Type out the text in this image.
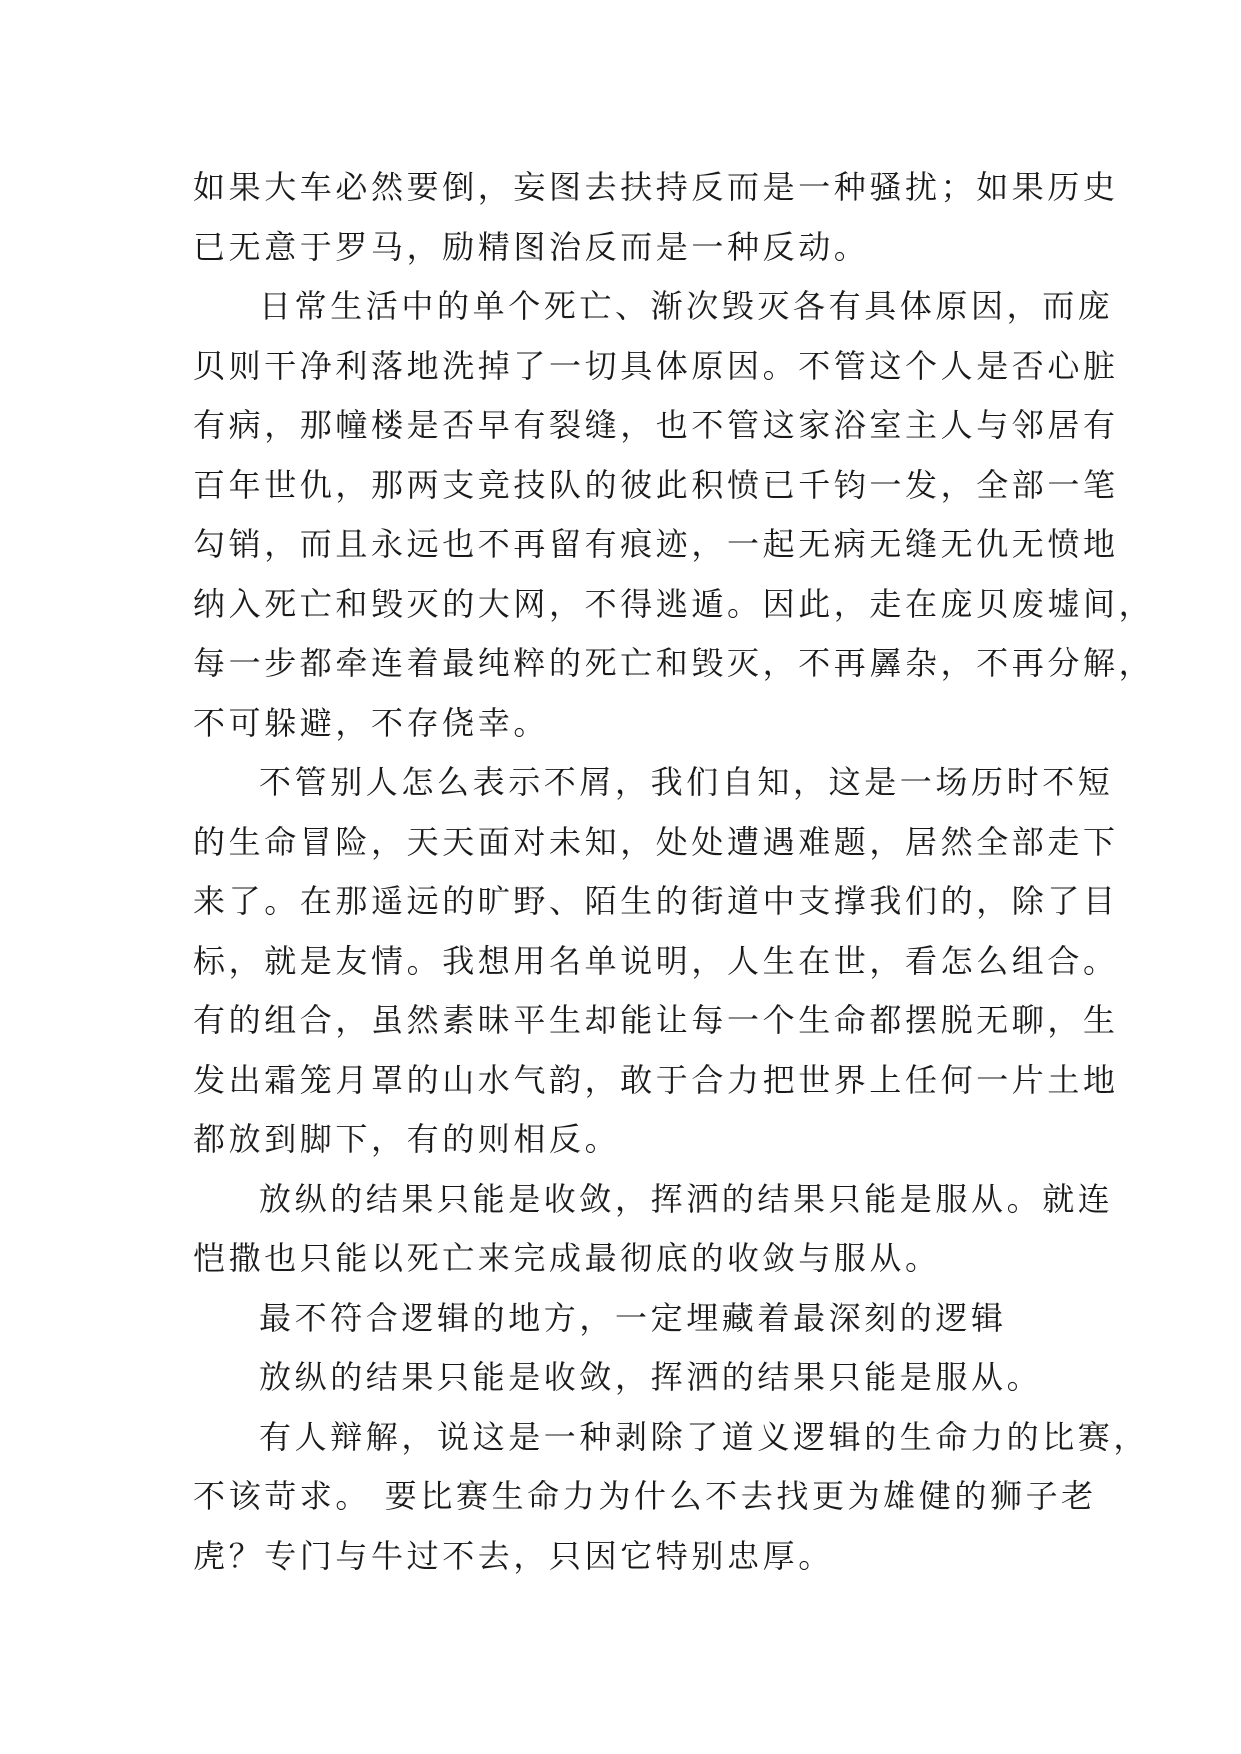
如果大车必然要倒，妄图去扶持反而是一种骚扰；如果历史
已无意于罗马，励精图治反而是一种反动。
日常生活中的单个死亡、渐次毁灭各有具体原因，而庞
贝则干净利落地洗掉了一切具体原因。不管这个人是否心脏
有病，那幢楼是否早有裂缝，也不管这家浴室主人与邻居有
百年世仇，那两支竞技队的彼此积愤已千钧一发，全部一笔
勾销，而且永远也不再留有痕迹，一起无病无缝无仇无愤地
纳入死亡和毁灭的大网，不得逃遁。因此，走在庞贝废墟间，
每一步都牵连着最纯粹的死亡和毁灭，不再羼杂，不再分解，
不可躲避，不存侥幸。
不管别人怎么表示不屑，我们自知，这是一场历时不短
的生命冒险，天天面对未知，处处遭遇难题，居然全部走下
来了。在那遥远的旷野、陌生的街道中支撑我们的，除了目
标，就是友情。我想用名单说明，人生在世，看怎么组合。
有的组合，虽然素昧平生却能让每一个生命都摆脱无聊，生
发出霜笼月罩的山水气韵，敢于合力把世界上任何一片土地
都放到脚下，有的则相反。
放纵的结果只能是收敛，挥洒的结果只能是服从。就连
恺撒也只能以死亡来完成最彻底的收敛与服从。
最不符合逻辑的地方，一定埋藏着最深刻的逻辑
放纵的结果只能是收敛，挥洒的结果只能是服从。
有人辩解，说这是一种剥除了道义逻辑的生命力的比赛，
不该苛求。 要比赛生命力为什么不去找更为雄健的狮子老
虎？专门与牛过不去，只因它特别忠厚。
